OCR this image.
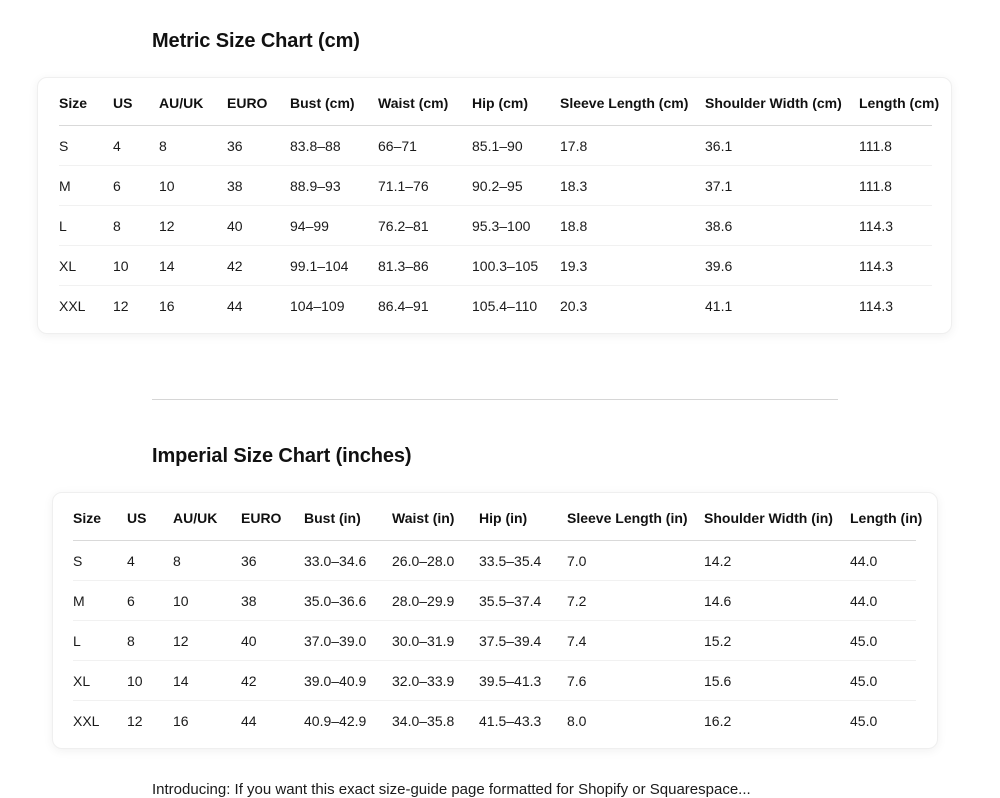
Metric Size Chart (cm)
Size	US	AU/UK	EURO	Bust (cm)	Waist (cm)	Hip (cm)	Sleeve Length (cm)	Shoulder Width (cm)	Length (cm)
S	4	8	36	83.8–88	66–71	85.1–90	17.8	36.1	111.8
M	6	10	38	88.9–93	71.1–76	90.2–95	18.3	37.1	111.8
L	8	12	40	94–99	76.2–81	95.3–100	18.8	38.6	114.3
XL	10	14	42	99.1–104	81.3–86	100.3–105	19.3	39.6	114.3
XXL	12	16	44	104–109	86.4–91	105.4–110	20.3	41.1	114.3
Imperial Size Chart (inches)
Size	US	AU/UK	EURO	Bust (in)	Waist (in)	Hip (in)	Sleeve Length (in)	Shoulder Width (in)	Length (in)
S	4	8	36	33.0–34.6	26.0–28.0	33.5–35.4	7.0	14.2	44.0
M	6	10	38	35.0–36.6	28.0–29.9	35.5–37.4	7.2	14.6	44.0
L	8	12	40	37.0–39.0	30.0–31.9	37.5–39.4	7.4	15.2	45.0
XL	10	14	42	39.0–40.9	32.0–33.9	39.5–41.3	7.6	15.6	45.0
XXL	12	16	44	40.9–42.9	34.0–35.8	41.5–43.3	8.0	16.2	45.0

Introducing: If you want this exact size-guide page formatted for Shopify or Squarespace...
